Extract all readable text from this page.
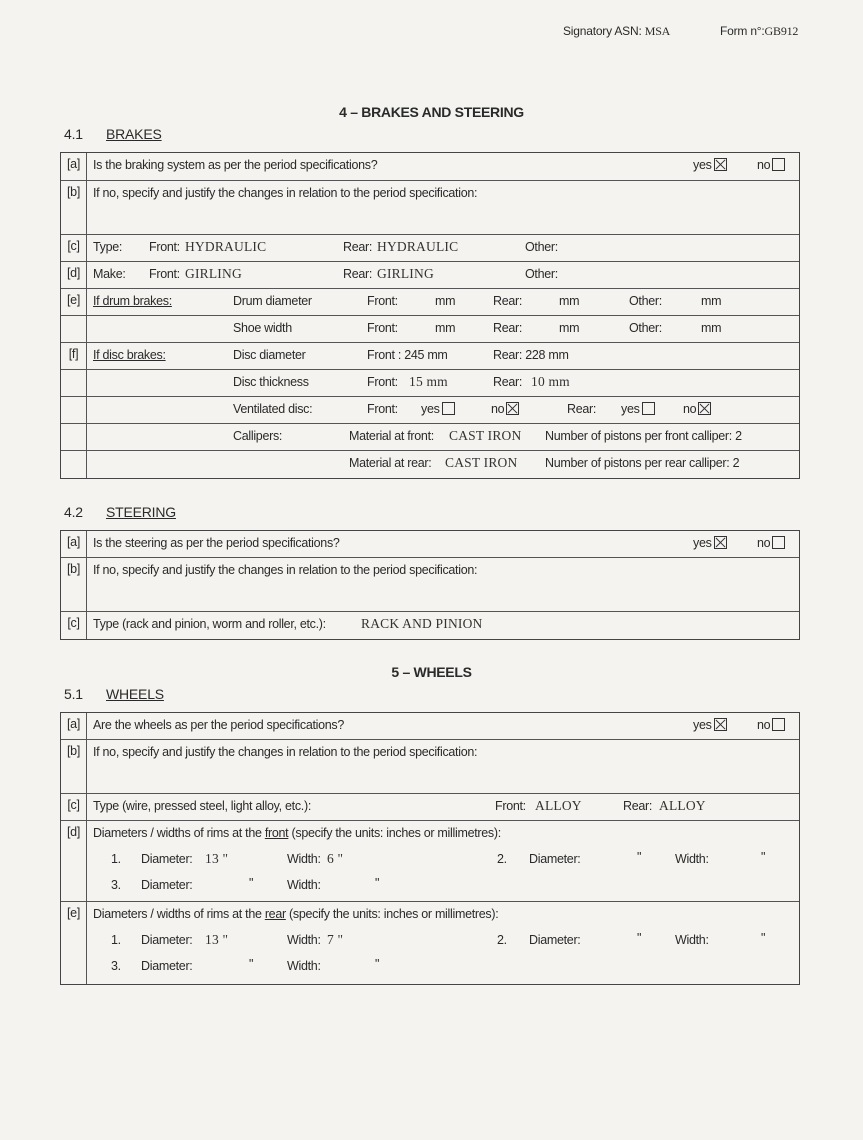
Signatory ASN: MSA	Form n°:GB912
4 – BRAKES AND STEERING
4.1 BRAKES
[a]	Is the braking system as per the period specifications?	yes	no
[b]	If no, specify and justify the changes in relation to the period specification:
[c]	Type: Front: HYDRAULIC	Rear: HYDRAULIC	Other:
[d]	Make: Front: GIRLING	Rear: GIRLING	Other:
[e]	If drum brakes:	Drum diameter	Front:	mm	Rear:	mm	Other:	mm
Shoe width	Front:	mm	Rear:	mm	Other:	mm
[f]	If disc brakes:	Disc diameter	Front : 245 mm	Rear: 228 mm
Disc thickness	Front: 15 mm	Rear: 10 mm
Ventilated disc:	Front: yes	no	Rear: yes	no
Callipers:	Material at front: CAST IRON Number of pistons per front calliper: 2
Material at rear: CAST IRON Number of pistons per rear calliper: 2
4.2 STEERING
[a]	Is the steering as per the period specifications?	yes	no
[b]	If no, specify and justify the changes in relation to the period specification:
[c]	Type (rack and pinion, worm and roller, etc.):	RACK AND PINION
5 – WHEELS
5.1 WHEELS
[a]	Are the wheels as per the period specifications?	yes	no
[b]	If no, specify and justify the changes in relation to the period specification:
[c]	Type (wire, pressed steel, light alloy, etc.):	Front: ALLOY	Rear: ALLOY
[d]	Diameters / widths of rims at the front (specify the units: inches or millimetres):
1. Diameter: 13 "	Width: 6 "	2. Diameter:	"	Width:	"
3. Diameter:	"	Width:	"
[e]	Diameters / widths of rims at the rear (specify the units: inches or millimetres):
1. Diameter: 13 "	Width: 7 "	2. Diameter:	"	Width:	"
3. Diameter:	"	Width:	"
